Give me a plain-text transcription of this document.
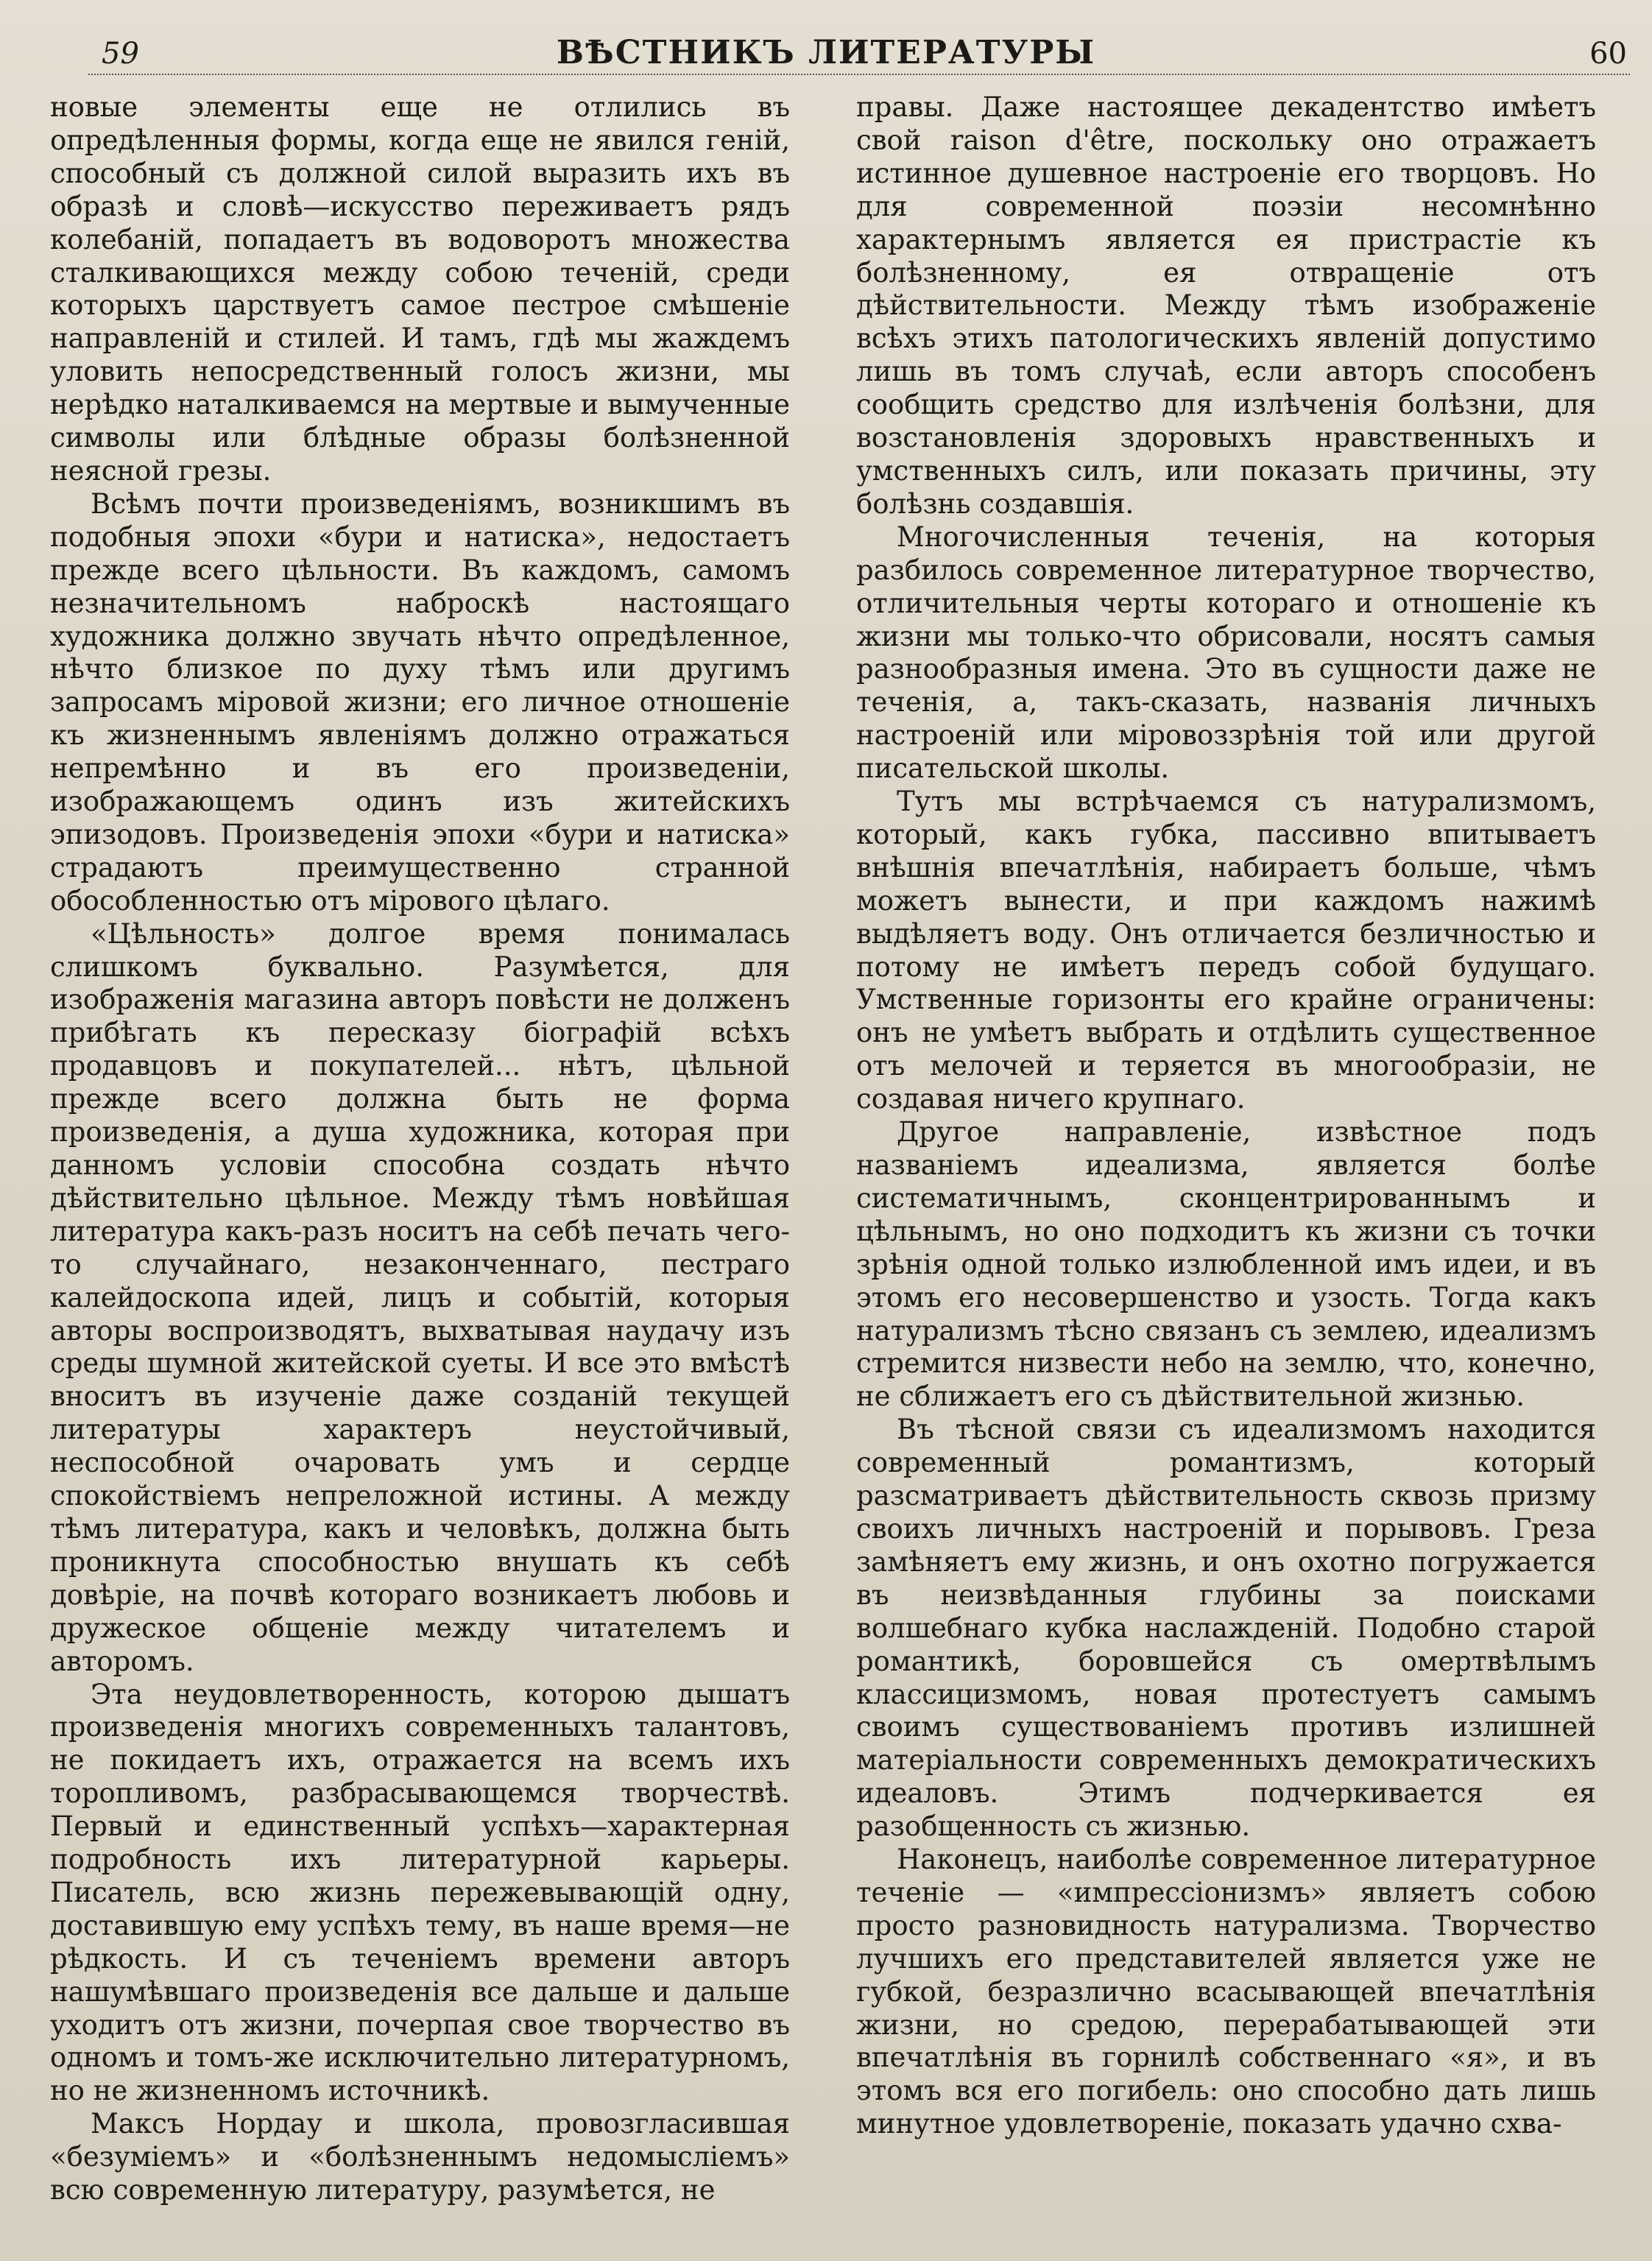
59	ВѢСТНИКЪ ЛИТЕРАТУРЫ	60

новые элементы еще не отлились въ опредѣленныя формы, когда еще не явился геній, способный съ должной силой выразить ихъ въ образѣ и словѣ—искусство переживаетъ рядъ колебаній, попадаетъ въ водоворотъ множества сталкивающихся между собою теченій, среди которыхъ царствуетъ самое пестрое смѣшеніе направленій и стилей. И тамъ, гдѣ мы жаждемъ уловить непосредственный голосъ жизни, мы нерѣдко наталкиваемся на мертвые и вымученные символы или блѣдные образы болѣзненной неясной грезы.

Всѣмъ почти произведеніямъ, возникшимъ въ подобныя эпохи «бури и натиска», недостаетъ прежде всего цѣльности. Въ каждомъ, самомъ незначительномъ наброскѣ настоящаго художника должно звучать нѣчто опредѣленное, нѣчто близкое по духу тѣмъ или другимъ запросамъ міровой жизни; его личное отношеніе къ жизненнымъ явленіямъ должно отражаться непремѣнно и въ его произведеніи, изображающемъ одинъ изъ житейскихъ эпизодовъ. Произведенія эпохи «бури и натиска» страдаютъ преимущественно странной обособленностью отъ мірового цѣлаго.

«Цѣльность» долгое время понималась слишкомъ буквально. Разумѣется, для изображенія магазина авторъ повѣсти не долженъ прибѣгать къ пересказу біографій всѣхъ продавцовъ и покупателей... нѣтъ, цѣльной прежде всего должна быть не форма произведенія, а душа художника, которая при данномъ условіи способна создать нѣчто дѣйствительно цѣльное. Между тѣмъ новѣйшая литература какъ-разъ носитъ на себѣ печать чего-то случайнаго, незаконченнаго, пестраго калейдоскопа идей, лицъ и событій, которыя авторы воспроизводятъ, выхватывая наудачу изъ среды шумной житейской суеты. И все это вмѣстѣ вноситъ въ изученіе даже созданій текущей литературы характеръ неустойчивый, неспособной очаровать умъ и сердце спокойствіемъ непреложной истины. А между тѣмъ литература, какъ и человѣкъ, должна быть проникнута способностью внушать къ себѣ довѣріе, на почвѣ котораго возникаетъ любовь и дружеское общеніе между читателемъ и авторомъ.

Эта неудовлетворенность, которою дышатъ произведенія многихъ современныхъ талантовъ, не покидаетъ ихъ, отражается на всемъ ихъ торопливомъ, разбрасывающемся творчествѣ. Первый и единственный успѣхъ—характерная подробность ихъ литературной карьеры. Писатель, всю жизнь пережевывающій одну, доставившую ему успѣхъ тему, въ наше время—не рѣдкость. И съ теченіемъ времени авторъ нашумѣвшаго произведенія все дальше и дальше уходитъ отъ жизни, почерпая свое творчество въ одномъ и томъ-же исключительно литературномъ, но не жизненномъ источникѣ.

Максъ Нордау и школа, провозгласившая «безуміемъ» и «болѣзненнымъ недомысліемъ» всю современную литературу, разумѣется, не

правы. Даже настоящее декадентство имѣетъ свой raison d'être, поскольку оно отражаетъ истинное душевное настроеніе его творцовъ. Но для современной поэзіи несомнѣнно характернымъ является ея пристрастіе къ болѣзненному, ея отвращеніе отъ дѣйствительности. Между тѣмъ изображеніе всѣхъ этихъ патологическихъ явленій допустимо лишь въ томъ случаѣ, если авторъ способенъ сообщить средство для излѣченія болѣзни, для возстановленія здоровыхъ нравственныхъ и умственныхъ силъ, или показать причины, эту болѣзнь создавшія.

Многочисленныя теченія, на которыя разбилось современное литературное творчество, отличительныя черты котораго и отношеніе къ жизни мы только-что обрисовали, носятъ самыя разнообразныя имена. Это въ сущности даже не теченія, а, такъ-сказать, названія личныхъ настроеній или міровоззрѣнія той или другой писательской школы.

Тутъ мы встрѣчаемся съ натурализмомъ, который, какъ губка, пассивно впитываетъ внѣшнія впечатлѣнія, набираетъ больше, чѣмъ можетъ вынести, и при каждомъ нажимѣ выдѣляетъ воду. Онъ отличается безличностью и потому не имѣетъ передъ собой будущаго. Умственные горизонты его крайне ограничены: онъ не умѣетъ выбрать и отдѣлить существенное отъ мелочей и теряется въ многообразіи, не создавая ничего крупнаго.

Другое направленіе, извѣстное подъ названіемъ идеализма, является болѣе систематичнымъ, сконцентрированнымъ и цѣльнымъ, но оно подходитъ къ жизни съ точки зрѣнія одной только излюбленной имъ идеи, и въ этомъ его несовершенство и узость. Тогда какъ натурализмъ тѣсно связанъ съ землею, идеализмъ стремится низвести небо на землю, что, конечно, не сближаетъ его съ дѣйствительной жизнью.

Въ тѣсной связи съ идеализмомъ находится современный романтизмъ, который разсматриваетъ дѣйствительность сквозь призму своихъ личныхъ настроеній и порывовъ. Греза замѣняетъ ему жизнь, и онъ охотно погружается въ неизвѣданныя глубины за поисками волшебнаго кубка наслажденій. Подобно старой романтикѣ, боровшейся съ омертвѣлымъ классицизмомъ, новая протестуетъ самымъ своимъ существованіемъ противъ излишней матеріальности современныхъ демократическихъ идеаловъ. Этимъ подчеркивается ея разобщенность съ жизнью.

Наконецъ, наиболѣе современное литературное теченіе — «импрессіонизмъ» являетъ собою просто разновидность натурализма. Творчество лучшихъ его представителей является уже не губкой, безразлично всасывающей впечатлѣнія жизни, но средою, перерабатывающей эти впечатлѣнія въ горнилѣ собственнаго «я», и въ этомъ вся его погибель: оно способно дать лишь минутное удовлетвореніе, показать удачно схва-
